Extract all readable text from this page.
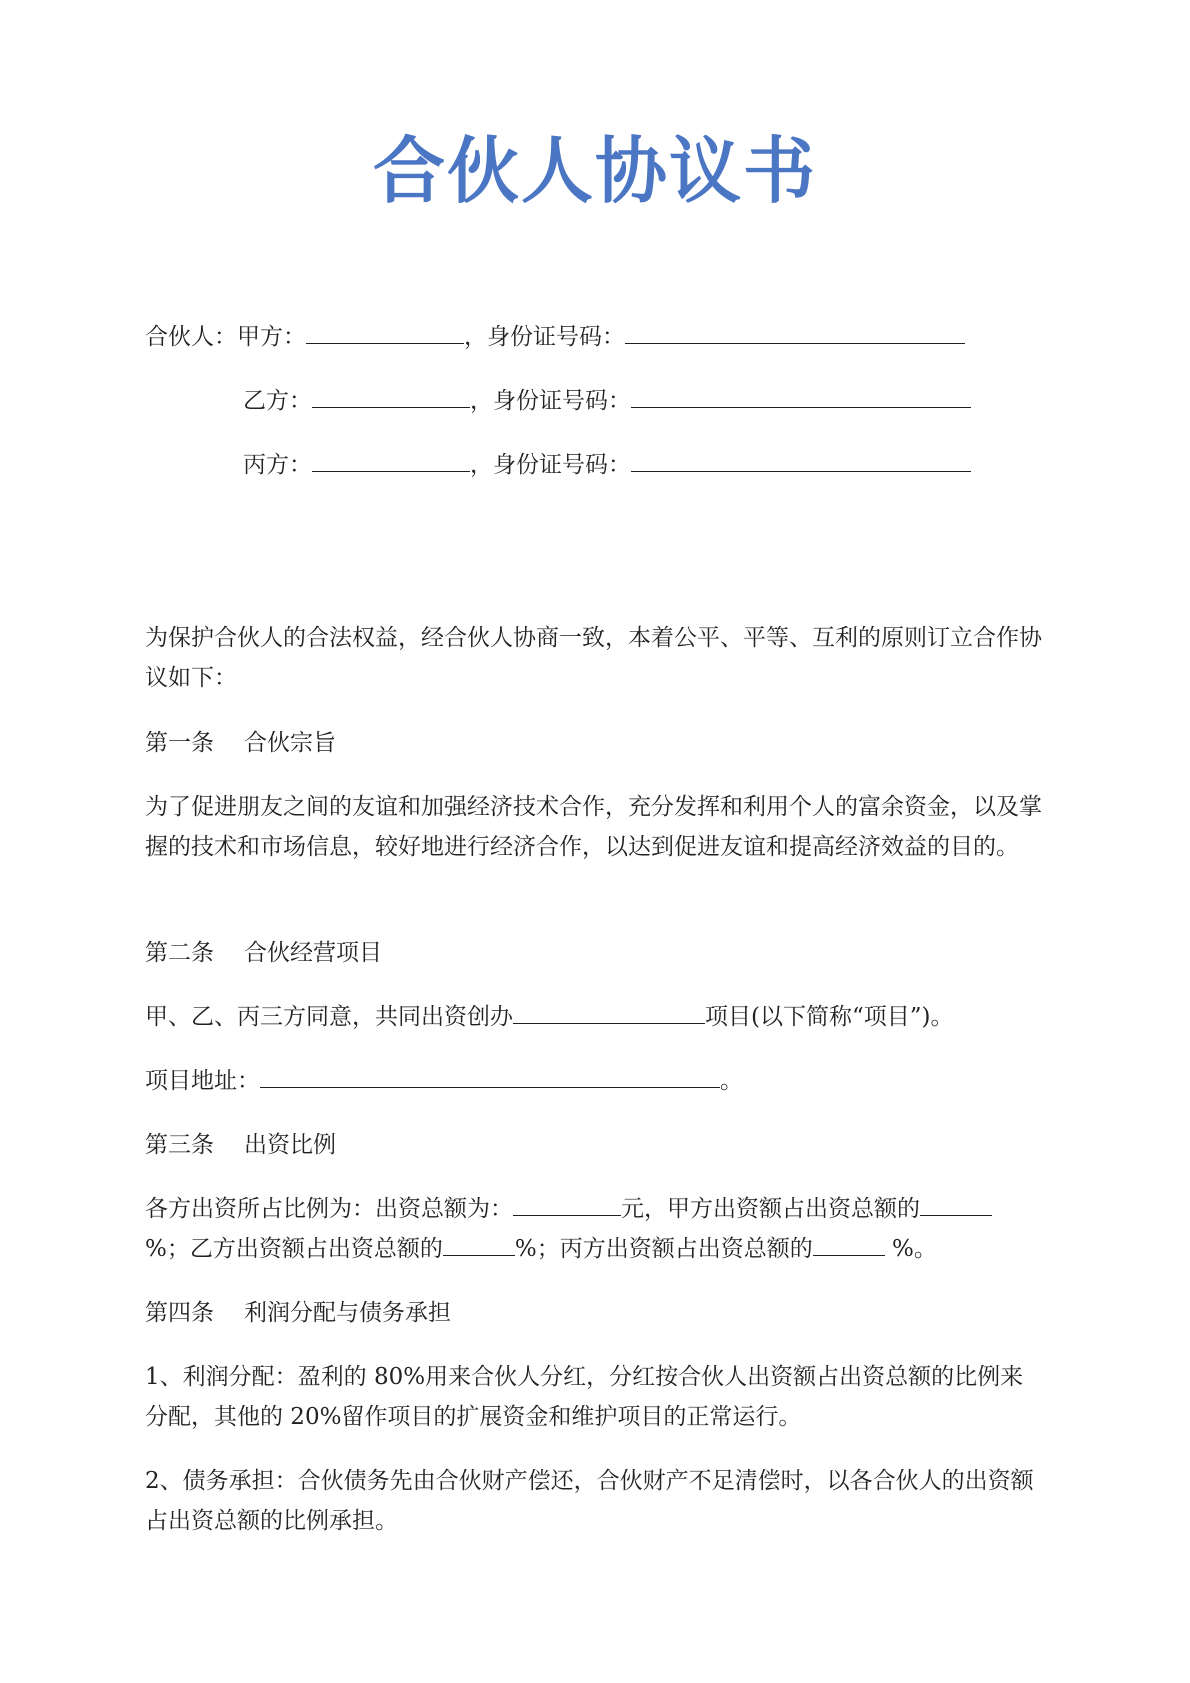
合伙人协议书
合伙人：甲方：	，身份证号码：
乙方：	，身份证号码：
丙方：	，身份证号码：
为保护合伙人的合法权益，经合伙人协商一致，本着公平、平等、互利的原则订立合作协议如下：
第一条 合伙宗旨
为了促进朋友之间的友谊和加强经济技术合作，充分发挥和利用个人的富余资金，以及掌握的技术和市场信息，较好地进行经济合作，以达到促进友谊和提高经济效益的目的。
第二条 合伙经营项目
甲、乙、丙三方同意，共同出资创办	项目(以下简称“项目”)。
项目地址：	。
第三条 出资比例
各方出资所占比例为：出资总额为：	元，甲方出资额占出资总额的
%；乙方出资额占出资总额的	%；丙方出资额占出资总额的	%。
第四条 利润分配与债务承担
1、利润分配：盈利的 80%用来合伙人分红，分红按合伙人出资额占出资总额的比例来分配，其他的 20%留作项目的扩展资金和维护项目的正常运行。
2、债务承担：合伙债务先由合伙财产偿还，合伙财产不足清偿时，以各合伙人的出资额占出资总额的比例承担。
